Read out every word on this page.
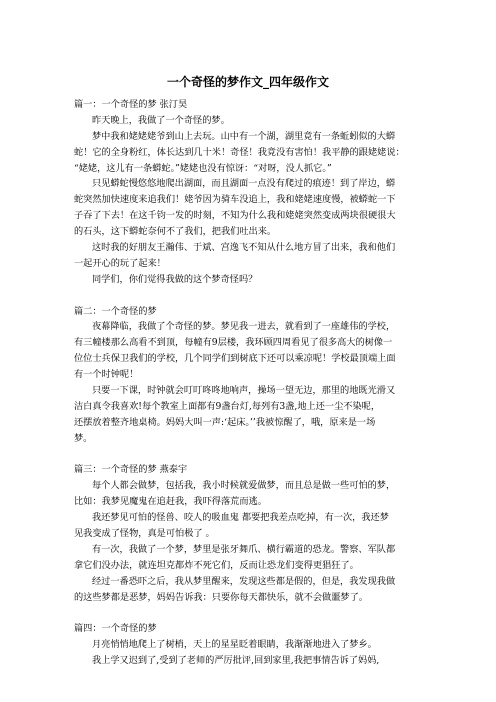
一个奇怪的梦作文_四年级作文
篇一：一个奇怪的梦 张汀昊
昨天晚上，我做了一个奇怪的梦。
梦中我和姥姥姥爷到山上去玩。山中有一个湖，湖里竟有一条蚯蚓似的大蟒
蛇！它的全身粉红，体长达到几十米！奇怪！我竟没有害怕！我平静的跟姥姥说：
“姥姥，这儿有一条蟒蛇。”姥姥也没有惊讶：“对呀，没人抓它。”
只见蟒蛇慢悠悠地爬出湖面，而且湖面一点没有爬过的痕迹！到了岸边，蟒
蛇突然加快速度来追我们！姥爷因为骑车没追上，我和姥姥速度慢，被蟒蛇一下
子吞了下去！在这千钧一发的时刻，不知为什么我和姥姥突然变成两块很硬很大
的石头，这下蟒蛇奈何不了我们，把我们吐出来。
这时我的好朋友王瀚伟、于斌、宫逸飞不知从什么地方冒了出来，我和他们
一起开心的玩了起来！
同学们，你们觉得我做的这个梦奇怪吗？
篇二：一个奇怪的梦
夜幕降临，我做了个奇怪的梦。梦见我一进去，就看到了一座雄伟的学校，
有三幢楼那么高看不到顶，每幢有9层楼，我环顾四周看见了很多高大的树像一
位位士兵保卫我们的学校，几个同学们到树底下还可以乘凉呢！学校最顶端上面
有一个时钟呢！
只要一下课，时钟就会叮叮咚咚地响声，操场一望无边，那里的地既光滑又
洁白真令我喜欢!每个教室上面都有9盏台灯,每列有3盏,地上还一尘不染呢，
还摆放着整齐地桌椅。妈妈大叫一声:‘起床。’’我被惊醒了，哦，原来是一场
梦。
篇三：一个奇怪的梦 燕泰宇
每个人都会做梦，包括我，我小时候就爱做梦，而且总是做一些可怕的梦，
比如：我梦见魔鬼在追赶我，我吓得落荒而逃。
我还梦见可怕的怪兽、咬人的吸血鬼 都要把我差点吃掉，有一次，我还梦
见我变成了怪物，真是可怕极了 。
有一次，我做了一个梦，梦里是张牙舞爪、横行霸道的恐龙。警察、军队都
拿它们没办法，就连坦克都炸不死它们，反而让恐龙们变得更猖狂了。
经过一番恐吓之后，我从梦里醒来，发现这些都是假的，但是，我发现我做
的这些梦都是恶梦，妈妈告诉我：只要你每天都快乐，就不会做噩梦了。
篇四：一个奇怪的梦
月亮悄悄地爬上了树梢，天上的星星眨着眼睛，我渐渐地进入了梦乡。
我上学又迟到了,受到了老师的严厉批评,回到家里,我把事情告诉了妈妈,
